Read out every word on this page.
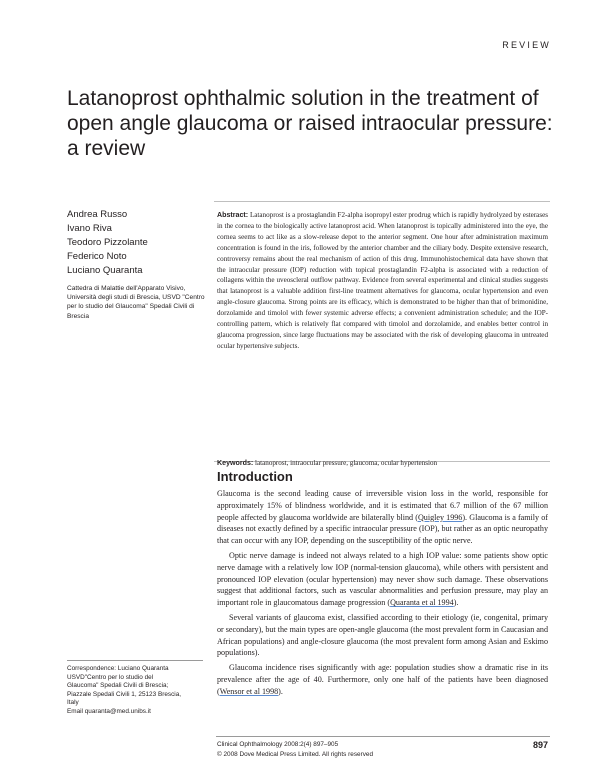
REVIEW
Latanoprost ophthalmic solution in the treatment of open angle glaucoma or raised intraocular pressure: a review
Andrea Russo
Ivano Riva
Teodoro Pizzolante
Federico Noto
Luciano Quaranta
Cattedra di Malattie dell'Apparato Visivo, Università degli studi di Brescia, USVD "Centro per lo studio del Glaucoma" Spedali Civili di Brescia
Abstract: Latanoprost is a prostaglandin F2-alpha isopropyl ester prodrug which is rapidly hydrolyzed by esterases in the cornea to the biologically active latanoprost acid. When latanoprost is topically administered into the eye, the cornea seems to act like as a slow-release depot to the anterior segment. One hour after administration maximum concentration is found in the iris, followed by the anterior chamber and the ciliary body. Despite extensive research, controversy remains about the real mechanism of action of this drug. Immunohistochemical data have shown that the intraocular pressure (IOP) reduction with topical prostaglandin F2-alpha is associated with a reduction of collagens within the uveoscleral outflow pathway. Evidence from several experimental and clinical studies suggests that latanoprost is a valuable addition first-line treatment alternatives for glaucoma, ocular hypertension and even angle-closure glaucoma. Strong points are its efficacy, which is demonstrated to be higher than that of brimonidine, dorzolamide and timolol with fewer systemic adverse effects; a convenient administration schedule; and the IOP-controlling pattern, which is relatively flat compared with timolol and dorzolamide, and enables better control in glaucoma progression, since large fluctuations may be associated with the risk of developing glaucoma in untreated ocular hypertensive subjects.
Keywords: latanoprost, intraocular pressure, glaucoma, ocular hypertension
Introduction

Glaucoma is the second leading cause of irreversible vision loss in the world, responsible for approximately 15% of blindness worldwide, and it is estimated that 6.7 million of the 67 million people affected by glaucoma worldwide are bilaterally blind (Quigley 1996). Glaucoma is a family of diseases not exactly defined by a specific intraocular pressure (IOP), but rather as an optic neuropathy that can occur with any IOP, depending on the susceptibility of the optic nerve.

Optic nerve damage is indeed not always related to a high IOP value: some patients show optic nerve damage with a relatively low IOP (normal-tension glaucoma), while others with persistent and pronounced IOP elevation (ocular hypertension) may never show such damage. These observations suggest that additional factors, such as vascular abnormalities and perfusion pressure, may play an important role in glaucomatous damage progression (Quaranta et al 1994).

Several variants of glaucoma exist, classified according to their etiology (ie, congenital, primary or secondary), but the main types are open-angle glaucoma (the most prevalent form in Caucasian and African populations) and angle-closure glaucoma (the most prevalent form among Asian and Eskimo populations).

Glaucoma incidence rises significantly with age: population studies show a dramatic rise in its prevalence after the age of 40. Furthermore, only one half of the patients have been diagnosed (Wensor et al 1998).

Correspondence: Luciano Quaranta
USVD"Centro per lo studio del
Glaucoma" Spedali Civili di Brescia;
Piazzale Spedali Civili 1, 25123 Brescia,
Italy
Email quaranta@med.unibs.it
Clinical Ophthalmology 2008:2(4) 897–905
© 2008 Dove Medical Press Limited. All rights reserved
897
